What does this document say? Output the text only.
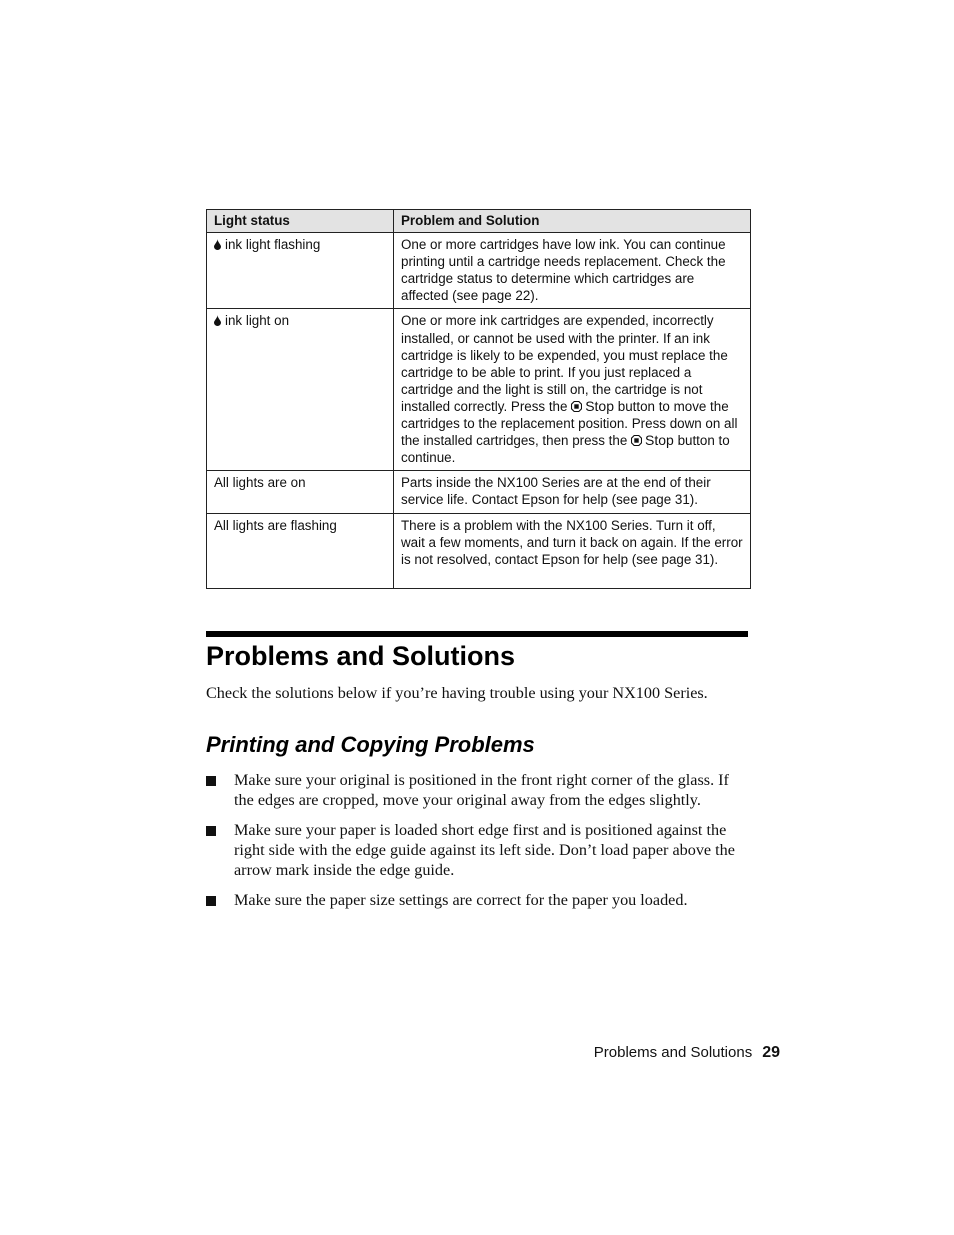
Light status	Problem and Solution
ink light flashing	One or more cartridges have low ink. You can continue printing until a cartridge needs replacement. Check the cartridge status to determine which cartridges are affected (see page 22).
ink light on	One or more ink cartridges are expended, incorrectly installed, or cannot be used with the printer. If an ink cartridge is likely to be expended, you must replace the cartridge to be able to print. If you just replaced a cartridge and the light is still on, the cartridge is not installed correctly. Press the Stop button to move the cartridges to the replacement position. Press down on all the installed cartridges, then press the Stop button to continue.
All lights are on	Parts inside the NX100 Series are at the end of their service life. Contact Epson for help (see page 31).
All lights are flashing	There is a problem with the NX100 Series. Turn it off, wait a few moments, and turn it back on again. If the error is not resolved, contact Epson for help (see page 31).
Problems and Solutions

Check the solutions below if you’re having trouble using your NX100 Series.

Printing and Copying Problems
Make sure your original is positioned in the front right corner of the glass. If the edges are cropped, move your original away from the edges slightly.
Make sure your paper is loaded short edge first and is positioned against the right side with the edge guide against its left side. Don’t load paper above the arrow mark inside the edge guide.
Make sure the paper size settings are correct for the paper you loaded.
Problems and Solutions 29
